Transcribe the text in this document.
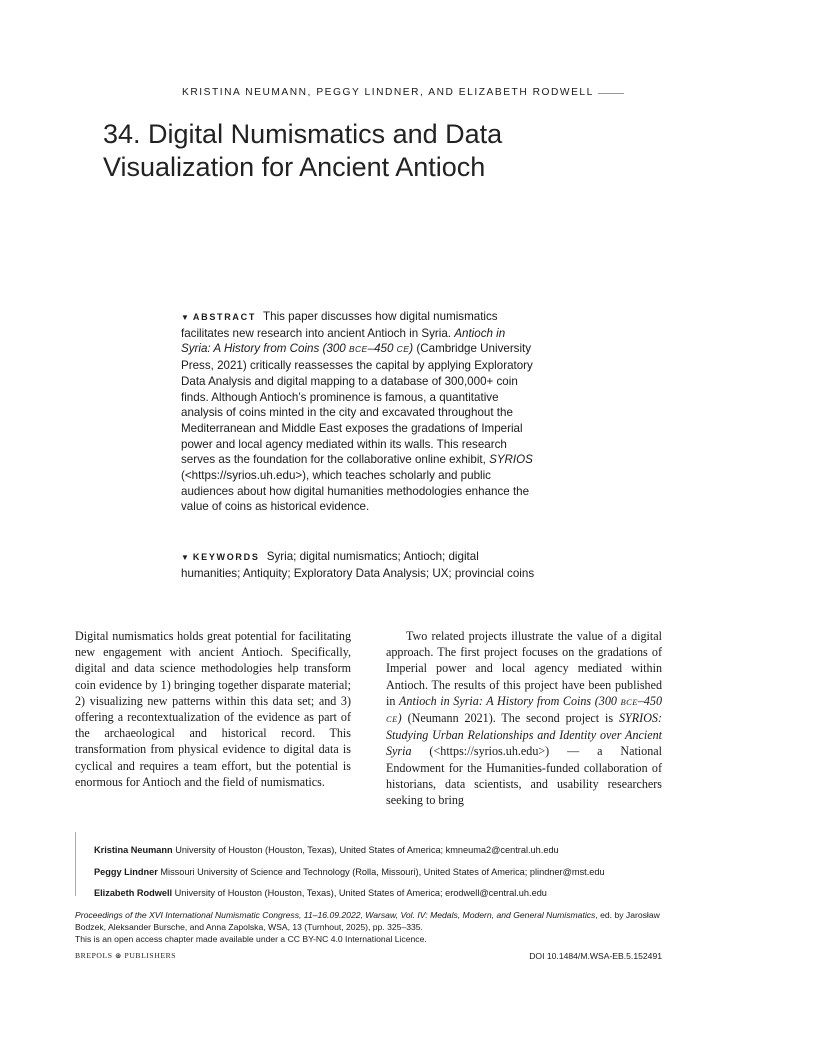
KRISTINA NEUMANN, PEGGY LINDNER, AND ELIZABETH RODWELL
34. Digital Numismatics and Data
Visualization for Ancient Antioch
▼ ABSTRACT This paper discusses how digital numismatics facilitates new research into ancient Antioch in Syria. Antioch in Syria: A History from Coins (300 BCE–450 CE) (Cambridge University Press, 2021) critically reassesses the capital by applying Exploratory Data Analysis and digital mapping to a database of 300,000+ coin finds. Although Antioch’s prominence is famous, a quantitative analysis of coins minted in the city and excavated throughout the Mediterranean and Middle East exposes the gradations of Imperial power and local agency mediated within its walls. This research serves as the foundation for the collaborative online exhibit, SYRIOS (<https://syrios.uh.edu>), which teaches scholarly and public audiences about how digital humanities methodologies enhance the value of coins as historical evidence.
▼ KEYWORDS Syria; digital numismatics; Antioch; digital humanities; Antiquity; Exploratory Data Analysis; UX; provincial coins

Digital numismatics holds great potential for facilitating new engagement with ancient Antioch. Specifically, digital and data science methodologies help transform coin evidence by 1) bringing together disparate material; 2) visualizing new patterns within this data set; and 3) offering a recontextualization of the evidence as part of the archaeological and historical record. This transformation from physical evidence to digital data is cyclical and requires a team effort, but the potential is enormous for Antioch and the field of numismatics.

Two related projects illustrate the value of a digital approach. The first project focuses on the gradations of Imperial power and local agency mediated within Antioch. The results of this project have been published in Antioch in Syria: A History from Coins (300 BCE–450 CE) (Neumann 2021). The second project is SYRIOS: Studying Urban Relationships and Identity over Ancient Syria (<https://syrios.uh.edu>) — a National Endowment for the Humanities-funded collaboration of historians, data scientists, and usability researchers seeking to bring

Kristina Neumann University of Houston (Houston, Texas), United States of America; kmneuma2@central.uh.edu
Peggy Lindner Missouri University of Science and Technology (Rolla, Missouri), United States of America; plindner@mst.edu
Elizabeth Rodwell University of Houston (Houston, Texas), United States of America; erodwell@central.uh.edu

Proceedings of the XVI International Numismatic Congress, 11–16.09.2022, Warsaw, Vol. IV: Medals, Modern, and General Numismatics, ed. by Jarosław Bodzek, Aleksander Bursche, and Anna Zapolska, WSA, 13 (Turnhout, 2025), pp. 325–335.

This is an open access chapter made available under a CC BY-NC 4.0 International Licence.

BREPOLS ⊛ PUBLISHERS	DOI 10.1484/M.WSA-EB.5.152491
